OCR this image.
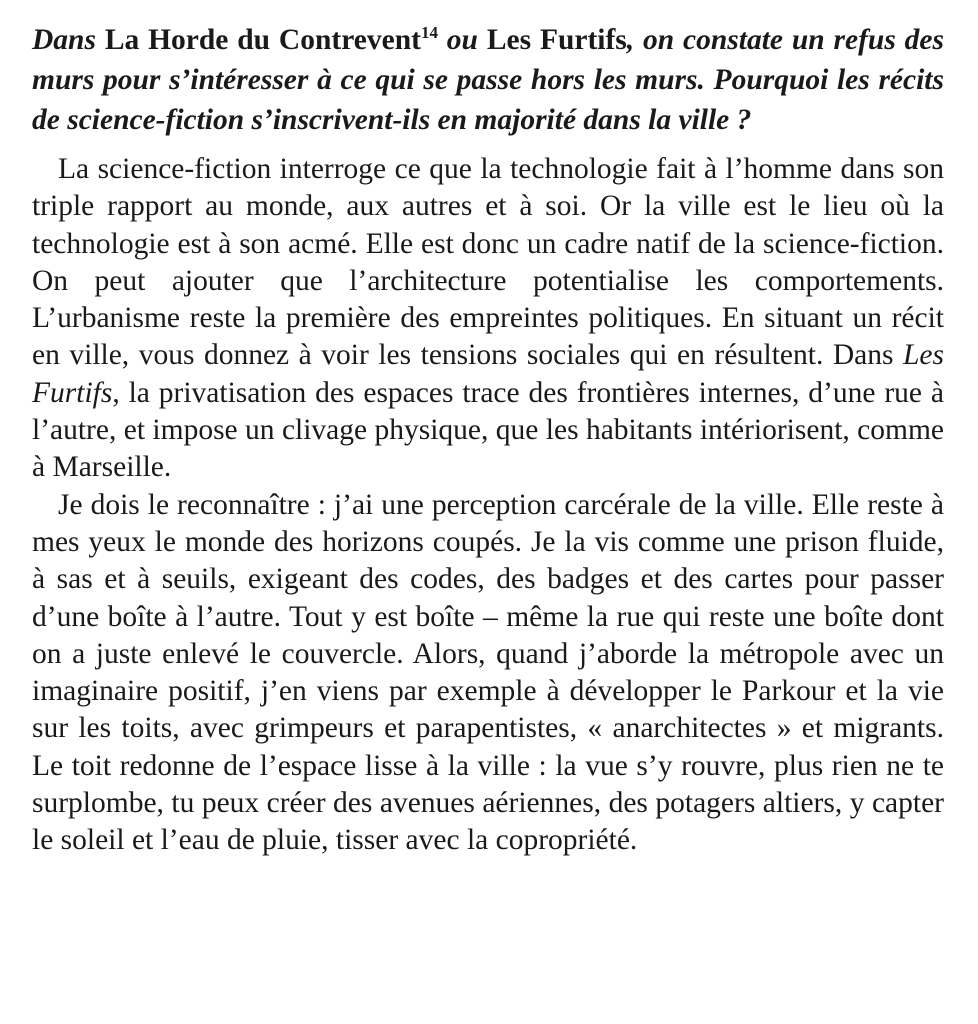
Dans La Horde du Contrevent$^{14}$ ou Les Furtifs, on constate un refus des murs pour s’intéresser à ce qui se passe hors les murs. Pourquoi les récits de science-fiction s’inscrivent-ils en majorité dans la ville ?

La science-fiction interroge ce que la technologie fait à l’homme dans son triple rapport au monde, aux autres et à soi. Or la ville est le lieu où la technologie est à son acmé. Elle est donc un cadre natif de la science-fiction. On peut ajouter que l’architecture potentialise les comportements. L’urbanisme reste la première des empreintes politiques. En situant un récit en ville, vous donnez à voir les tensions sociales qui en résultent. Dans Les Furtifs, la privatisation des espaces trace des frontières internes, d’une rue à l’autre, et impose un clivage physique, que les habitants intériorisent, comme à Marseille.

Je dois le reconnaître : j’ai une perception carcérale de la ville. Elle reste à mes yeux le monde des horizons coupés. Je la vis comme une prison fluide, à sas et à seuils, exigeant des codes, des badges et des cartes pour passer d’une boîte à l’autre. Tout y est boîte – même la rue qui reste une boîte dont on a juste enlevé le couvercle. Alors, quand j’aborde la métropole avec un imaginaire positif, j’en viens par exemple à développer le Parkour et la vie sur les toits, avec grimpeurs et parapentistes, « anarchitectes » et migrants. Le toit redonne de l’espace lisse à la ville : la vue s’y rouvre, plus rien ne te surplombe, tu peux créer des avenues aériennes, des potagers altiers, y capter le soleil et l’eau de pluie, tisser avec la copropriété.
